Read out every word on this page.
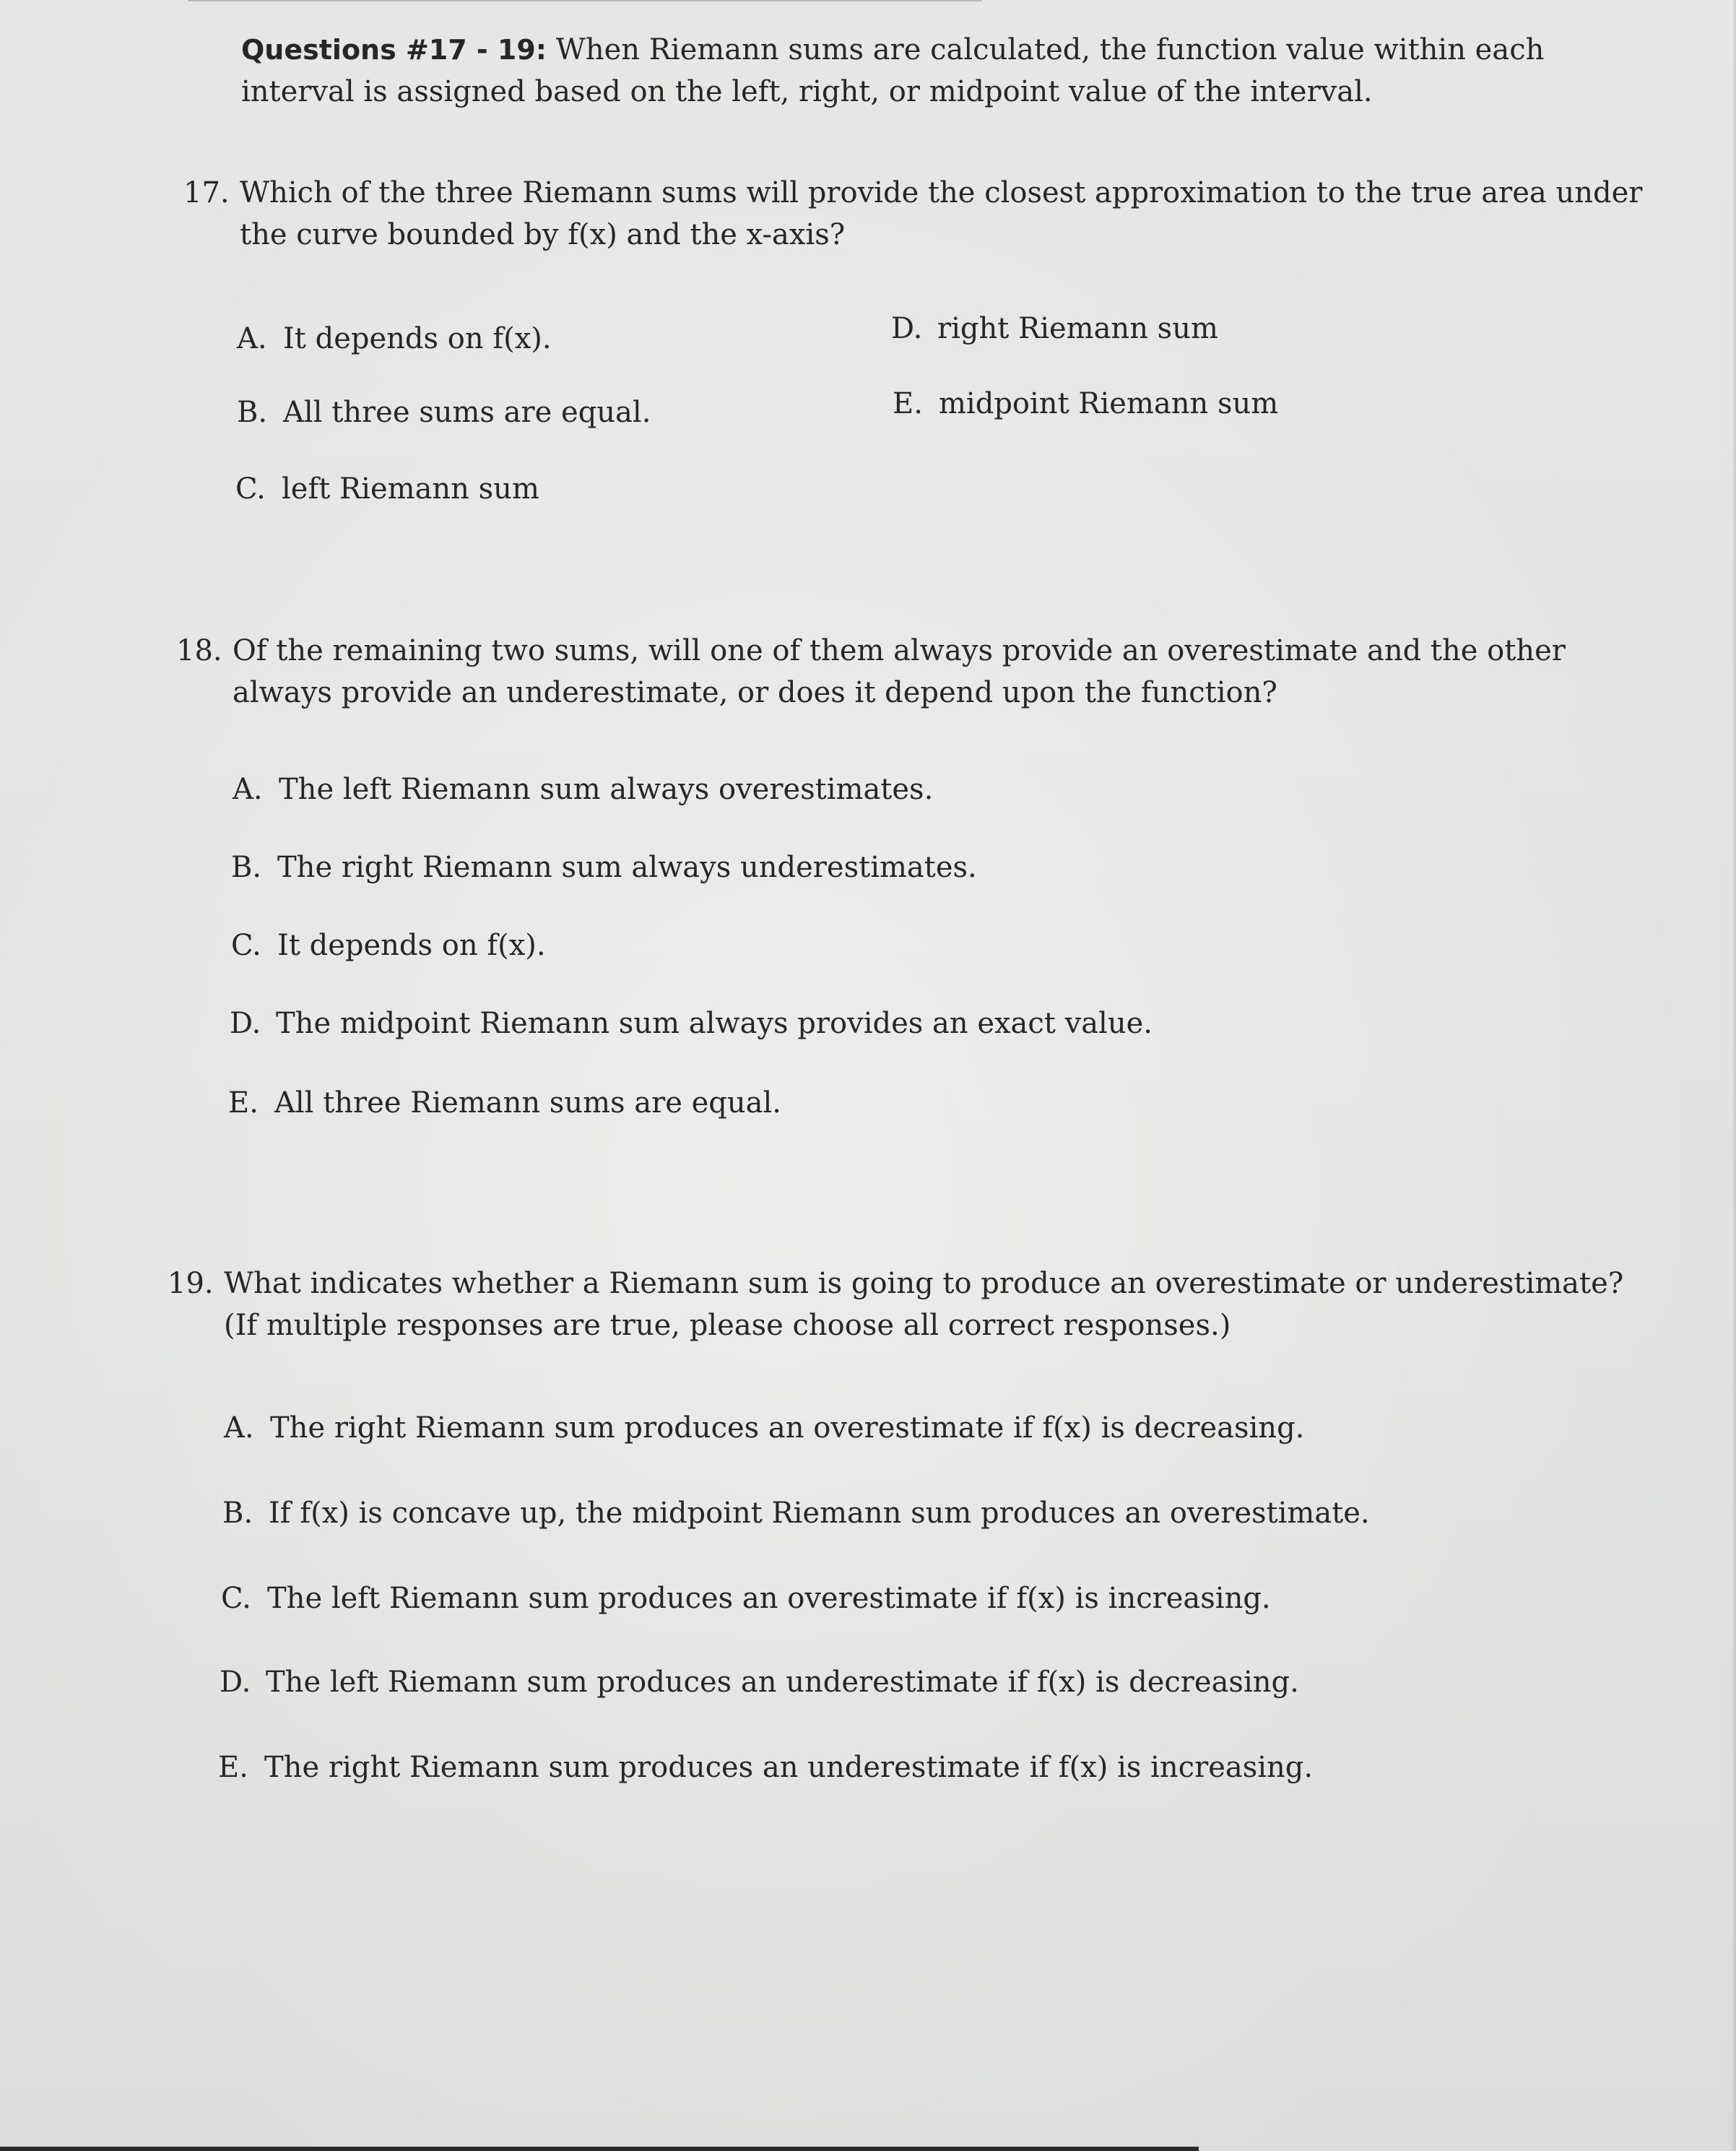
Questions #17 - 19: When Riemann sums are calculated, the function value within each
interval is assigned based on the left, right, or midpoint value of the interval.
17. Which of the three Riemann sums will provide the closest approximation to the true area under
the curve bounded by f(x) and the x-axis?
A. It depends on f(x).
B. All three sums are equal.
C. left Riemann sum
D. right Riemann sum
E. midpoint Riemann sum
18. Of the remaining two sums, will one of them always provide an overestimate and the other
always provide an underestimate, or does it depend upon the function?
A. The left Riemann sum always overestimates.
B. The right Riemann sum always underestimates.
C. It depends on f(x).
D. The midpoint Riemann sum always provides an exact value.
E. All three Riemann sums are equal.
19. What indicates whether a Riemann sum is going to produce an overestimate or underestimate?
(If multiple responses are true, please choose all correct responses.)
A. The right Riemann sum produces an overestimate if f(x) is decreasing.
B. If f(x) is concave up, the midpoint Riemann sum produces an overestimate.
C. The left Riemann sum produces an overestimate if f(x) is increasing.
D. The left Riemann sum produces an underestimate if f(x) is decreasing.
E. The right Riemann sum produces an underestimate if f(x) is increasing.
